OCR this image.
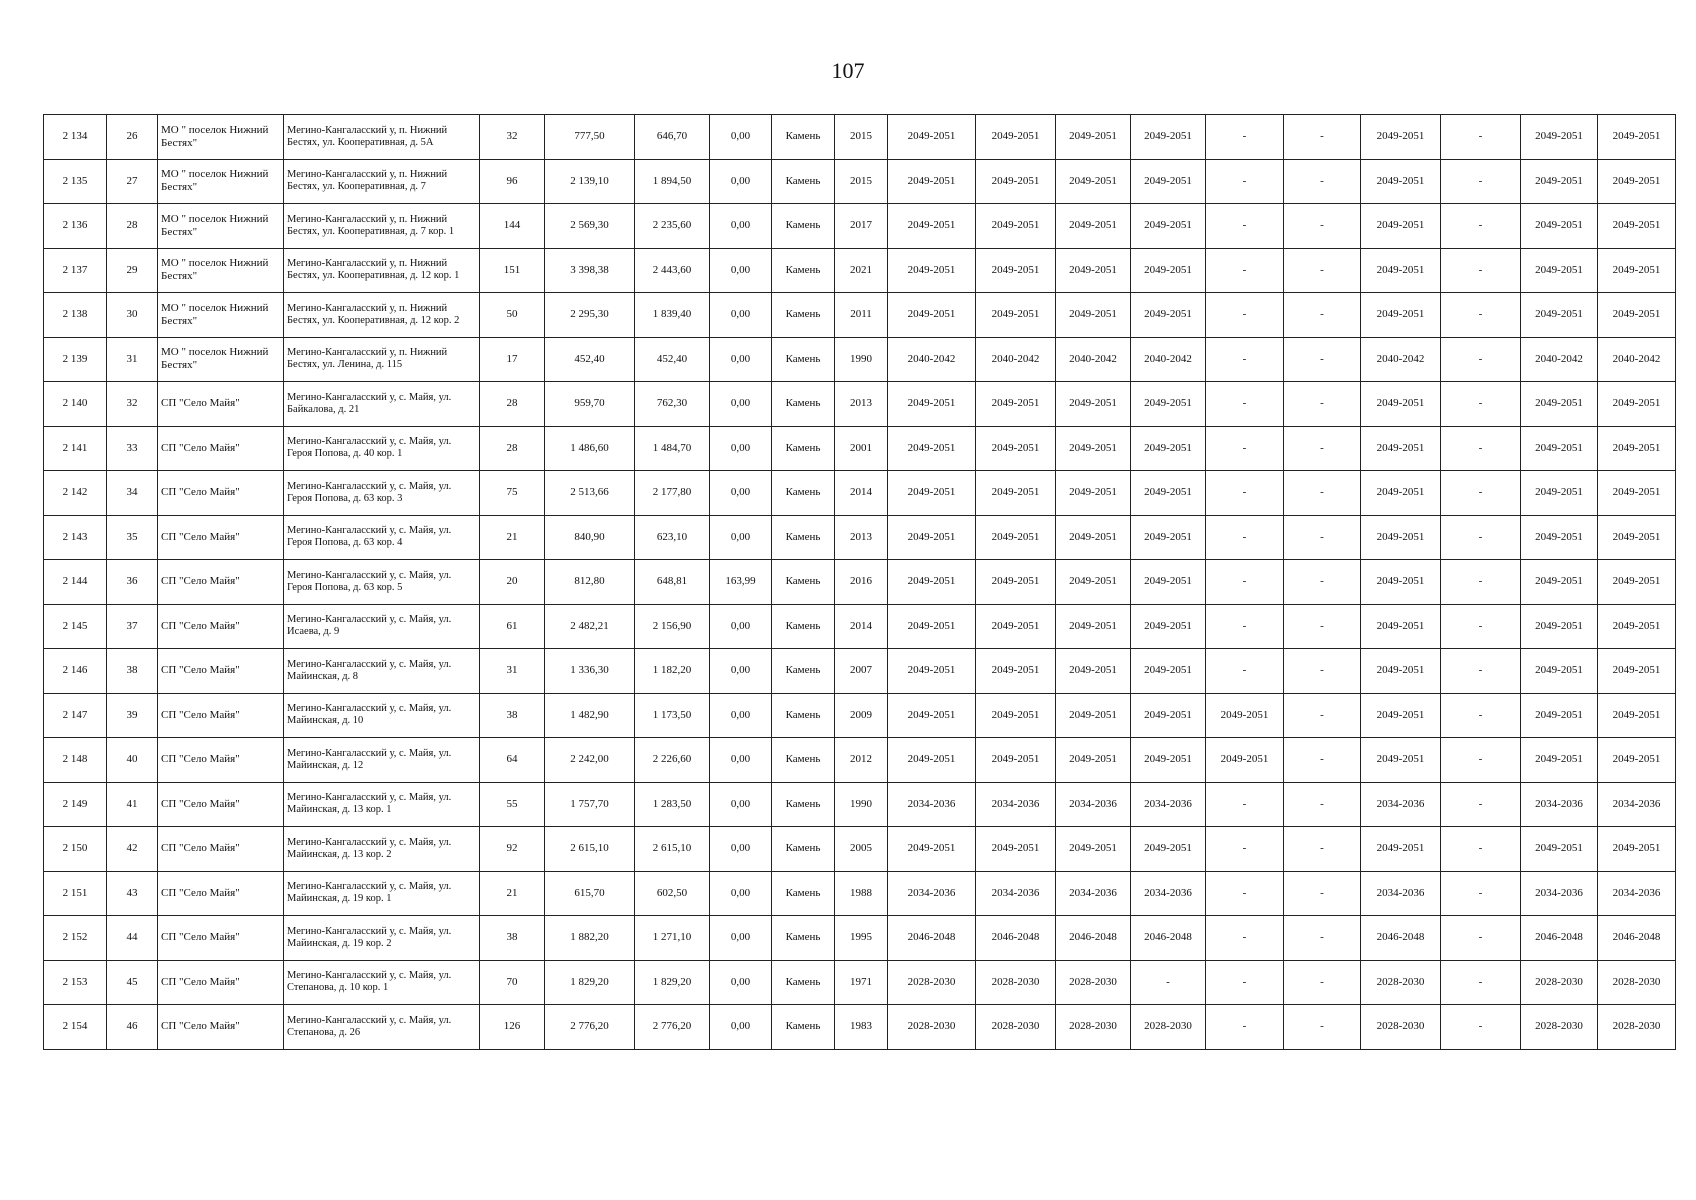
107
2 134	26	МО " поселок Нижний Бестях"	Мегино-Кангаласский у, п. Нижний Бестях, ул. Кооперативная, д. 5А	32	777,50	646,70	0,00	Камень	2015	2049-2051	2049-2051	2049-2051	2049-2051	-	-	2049-2051	-	2049-2051	2049-2051
2 135	27	МО " поселок Нижний Бестях"	Мегино-Кангаласский у, п. Нижний Бестях, ул. Кооперативная, д. 7	96	2 139,10	1 894,50	0,00	Камень	2015	2049-2051	2049-2051	2049-2051	2049-2051	-	-	2049-2051	-	2049-2051	2049-2051
2 136	28	МО " поселок Нижний Бестях"	Мегино-Кангаласский у, п. Нижний Бестях, ул. Кооперативная, д. 7 кор. 1	144	2 569,30	2 235,60	0,00	Камень	2017	2049-2051	2049-2051	2049-2051	2049-2051	-	-	2049-2051	-	2049-2051	2049-2051
2 137	29	МО " поселок Нижний Бестях"	Мегино-Кангаласский у, п. Нижний Бестях, ул. Кооперативная, д. 12 кор. 1	151	3 398,38	2 443,60	0,00	Камень	2021	2049-2051	2049-2051	2049-2051	2049-2051	-	-	2049-2051	-	2049-2051	2049-2051
2 138	30	МО " поселок Нижний Бестях"	Мегино-Кангаласский у, п. Нижний Бестях, ул. Кооперативная, д. 12 кор. 2	50	2 295,30	1 839,40	0,00	Камень	2011	2049-2051	2049-2051	2049-2051	2049-2051	-	-	2049-2051	-	2049-2051	2049-2051
2 139	31	МО " поселок Нижний Бестях"	Мегино-Кангаласский у, п. Нижний Бестях, ул. Ленина, д. 115	17	452,40	452,40	0,00	Камень	1990	2040-2042	2040-2042	2040-2042	2040-2042	-	-	2040-2042	-	2040-2042	2040-2042
2 140	32	СП "Село Майя"	Мегино-Кангаласский у, с. Майя, ул. Байкалова, д. 21	28	959,70	762,30	0,00	Камень	2013	2049-2051	2049-2051	2049-2051	2049-2051	-	-	2049-2051	-	2049-2051	2049-2051
2 141	33	СП "Село Майя"	Мегино-Кангаласский у, с. Майя, ул. Героя Попова, д. 40 кор. 1	28	1 486,60	1 484,70	0,00	Камень	2001	2049-2051	2049-2051	2049-2051	2049-2051	-	-	2049-2051	-	2049-2051	2049-2051
2 142	34	СП "Село Майя"	Мегино-Кангаласский у, с. Майя, ул. Героя Попова, д. 63 кор. 3	75	2 513,66	2 177,80	0,00	Камень	2014	2049-2051	2049-2051	2049-2051	2049-2051	-	-	2049-2051	-	2049-2051	2049-2051
2 143	35	СП "Село Майя"	Мегино-Кангаласский у, с. Майя, ул. Героя Попова, д. 63 кор. 4	21	840,90	623,10	0,00	Камень	2013	2049-2051	2049-2051	2049-2051	2049-2051	-	-	2049-2051	-	2049-2051	2049-2051
2 144	36	СП "Село Майя"	Мегино-Кангаласский у, с. Майя, ул. Героя Попова, д. 63 кор. 5	20	812,80	648,81	163,99	Камень	2016	2049-2051	2049-2051	2049-2051	2049-2051	-	-	2049-2051	-	2049-2051	2049-2051
2 145	37	СП "Село Майя"	Мегино-Кангаласский у, с. Майя, ул. Исаева, д. 9	61	2 482,21	2 156,90	0,00	Камень	2014	2049-2051	2049-2051	2049-2051	2049-2051	-	-	2049-2051	-	2049-2051	2049-2051
2 146	38	СП "Село Майя"	Мегино-Кангаласский у, с. Майя, ул. Майинская, д. 8	31	1 336,30	1 182,20	0,00	Камень	2007	2049-2051	2049-2051	2049-2051	2049-2051	-	-	2049-2051	-	2049-2051	2049-2051
2 147	39	СП "Село Майя"	Мегино-Кангаласский у, с. Майя, ул. Майинская, д. 10	38	1 482,90	1 173,50	0,00	Камень	2009	2049-2051	2049-2051	2049-2051	2049-2051	2049-2051	-	2049-2051	-	2049-2051	2049-2051
2 148	40	СП "Село Майя"	Мегино-Кангаласский у, с. Майя, ул. Майинская, д. 12	64	2 242,00	2 226,60	0,00	Камень	2012	2049-2051	2049-2051	2049-2051	2049-2051	2049-2051	-	2049-2051	-	2049-2051	2049-2051
2 149	41	СП "Село Майя"	Мегино-Кангаласский у, с. Майя, ул. Майинская, д. 13 кор. 1	55	1 757,70	1 283,50	0,00	Камень	1990	2034-2036	2034-2036	2034-2036	2034-2036	-	-	2034-2036	-	2034-2036	2034-2036
2 150	42	СП "Село Майя"	Мегино-Кангаласский у, с. Майя, ул. Майинская, д. 13 кор. 2	92	2 615,10	2 615,10	0,00	Камень	2005	2049-2051	2049-2051	2049-2051	2049-2051	-	-	2049-2051	-	2049-2051	2049-2051
2 151	43	СП "Село Майя"	Мегино-Кангаласский у, с. Майя, ул. Майинская, д. 19 кор. 1	21	615,70	602,50	0,00	Камень	1988	2034-2036	2034-2036	2034-2036	2034-2036	-	-	2034-2036	-	2034-2036	2034-2036
2 152	44	СП "Село Майя"	Мегино-Кангаласский у, с. Майя, ул. Майинская, д. 19 кор. 2	38	1 882,20	1 271,10	0,00	Камень	1995	2046-2048	2046-2048	2046-2048	2046-2048	-	-	2046-2048	-	2046-2048	2046-2048
2 153	45	СП "Село Майя"	Мегино-Кангаласский у, с. Майя, ул. Степанова, д. 10 кор. 1	70	1 829,20	1 829,20	0,00	Камень	1971	2028-2030	2028-2030	2028-2030	-	-	-	2028-2030	-	2028-2030	2028-2030
2 154	46	СП "Село Майя"	Мегино-Кангаласский у, с. Майя, ул. Степанова, д. 26	126	2 776,20	2 776,20	0,00	Камень	1983	2028-2030	2028-2030	2028-2030	2028-2030	-	-	2028-2030	-	2028-2030	2028-2030
